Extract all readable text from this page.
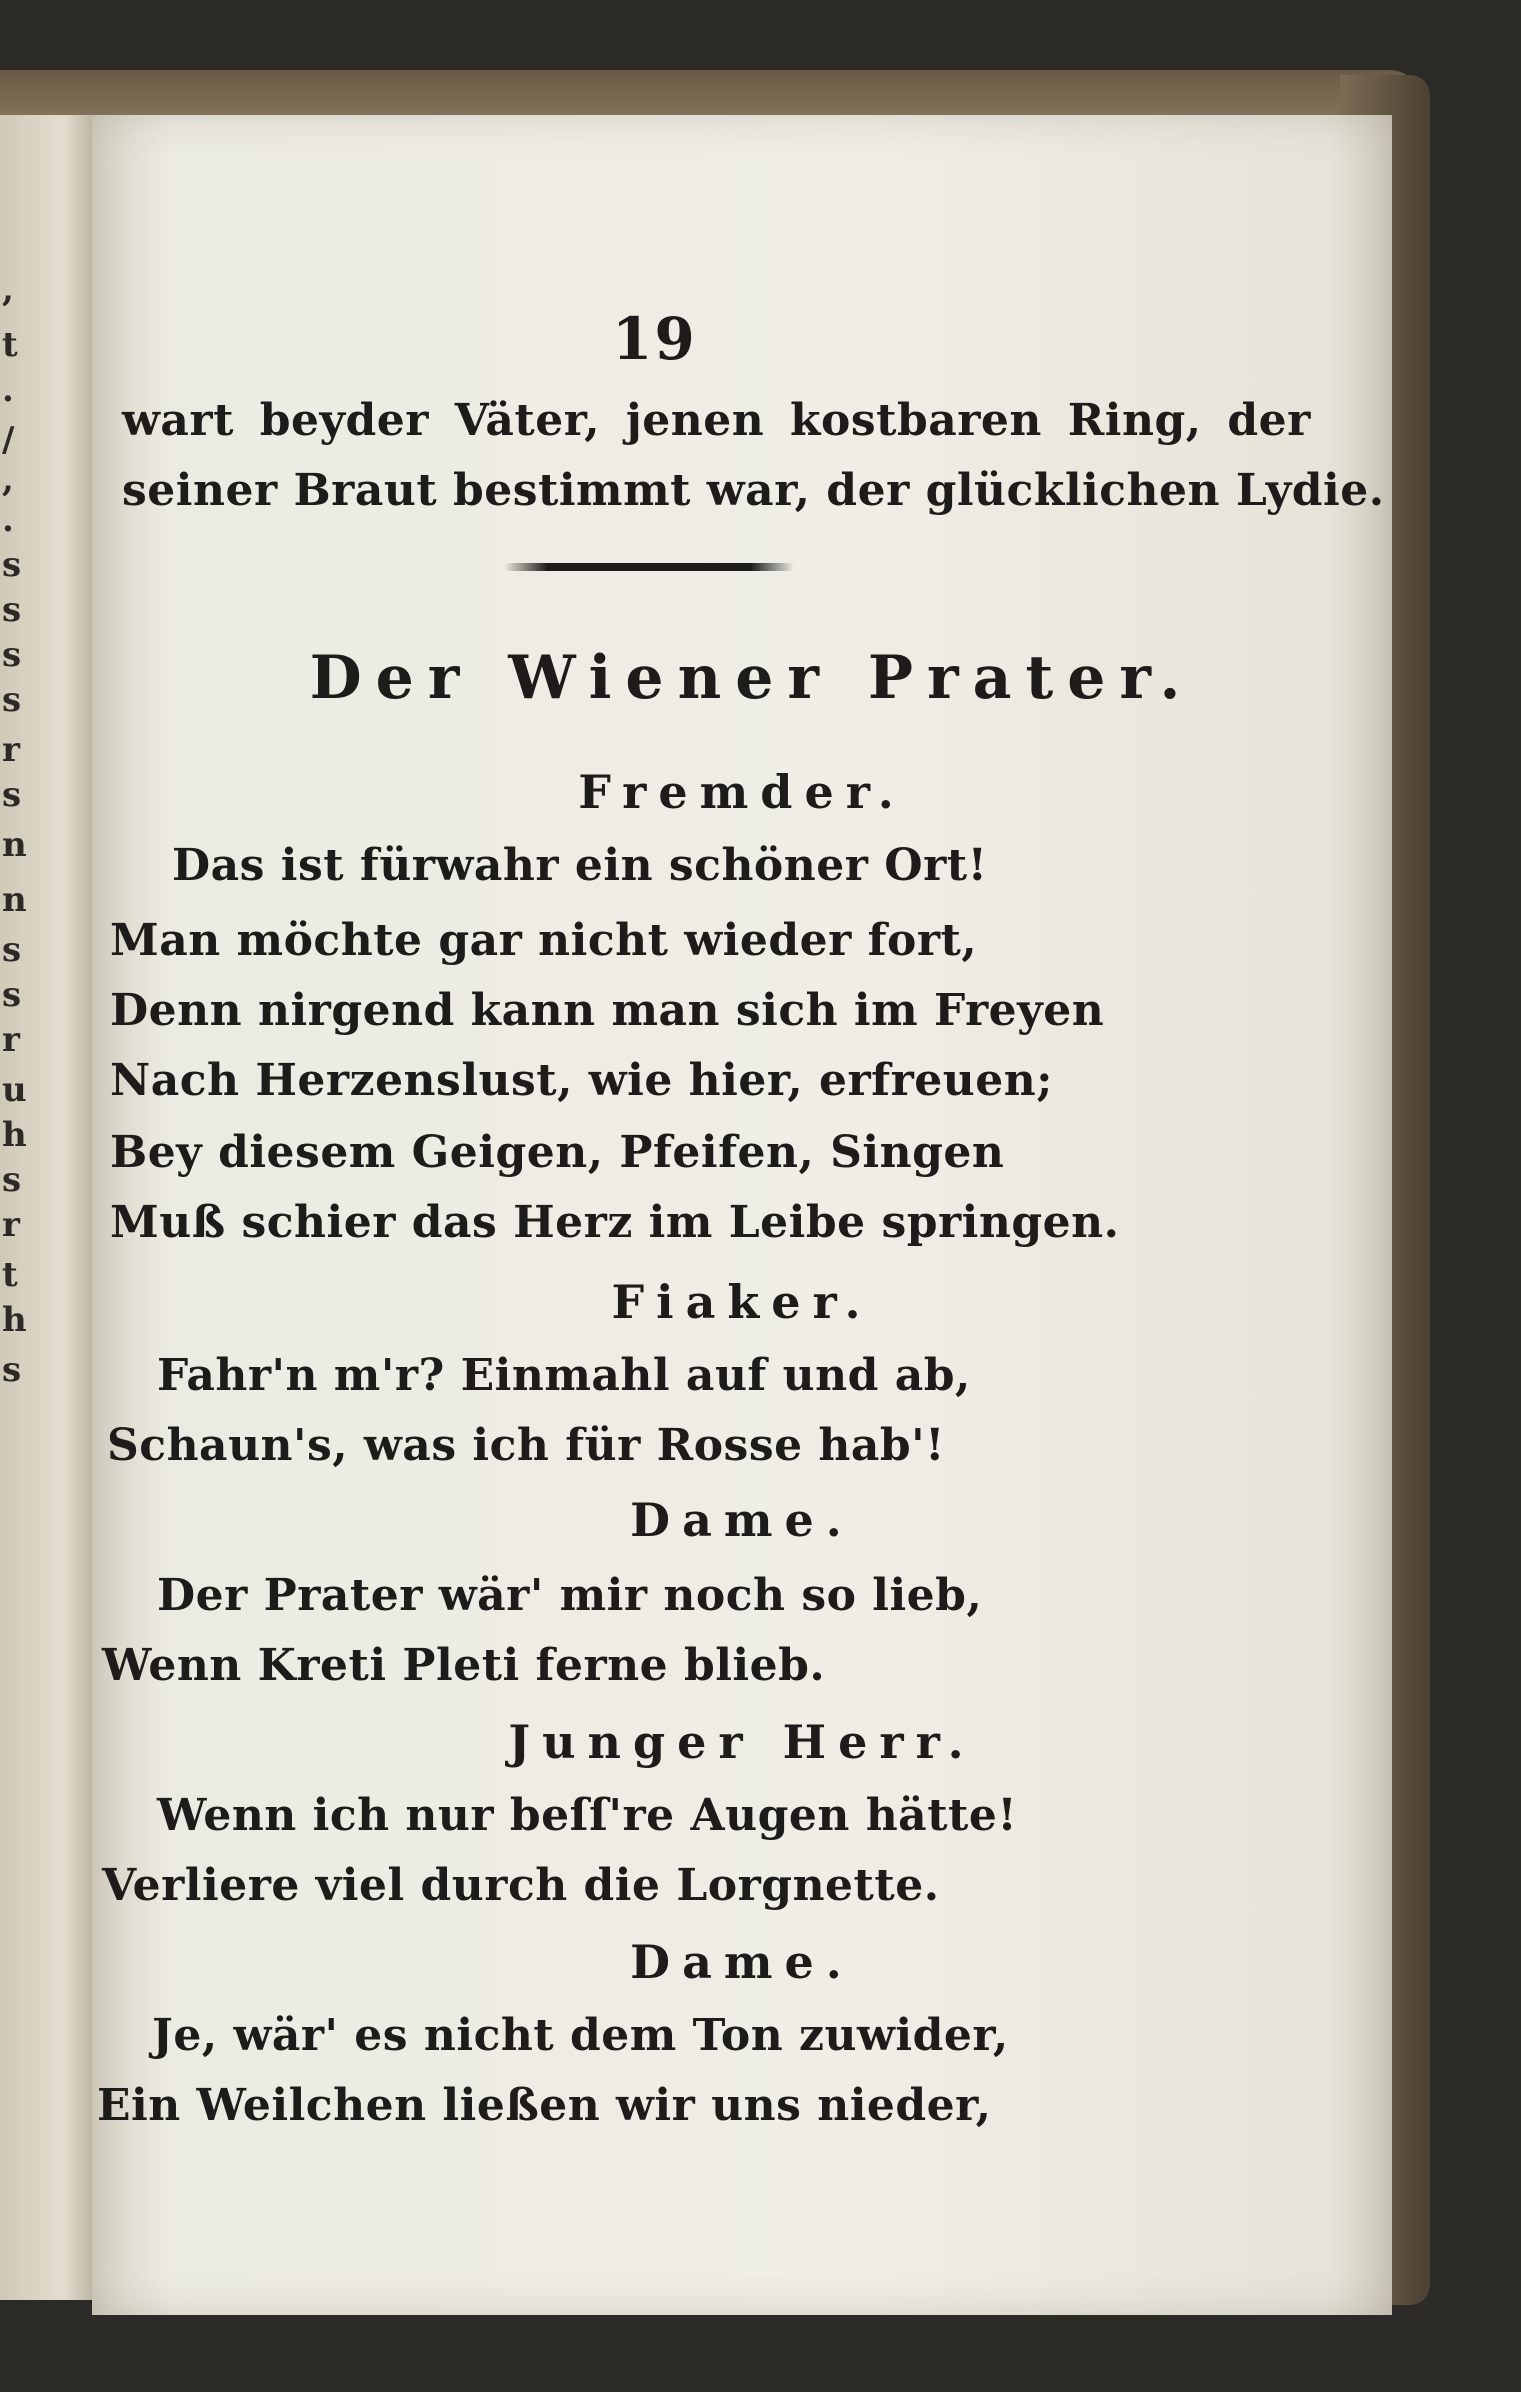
,
t
.
/
,
.
s
s
s
s
r
s
n
n
s
s
r
u
h
s
r
t
h
s
19
wart beyder Väter, jenen kostbaren Ring, der
seiner Braut bestimmt war, der glücklichen Lydie.
Der Wiener Prater.
Fremder.
Das ist fürwahr ein schöner Ort!
Man möchte gar nicht wieder fort,
Denn nirgend kann man sich im Freyen
Nach Herzenslust, wie hier, erfreuen;
Bey diesem Geigen, Pfeifen, Singen
Muß schier das Herz im Leibe springen.
Fiaker.
Fahr'n m'r? Einmahl auf und ab,
Schaun's, was ich für Rosse hab'!
Dame.
Der Prater wär' mir noch so lieb,
Wenn Kreti Pleti ferne blieb.
Junger Herr.
Wenn ich nur beſſ're Augen hätte!
Verliere viel durch die Lorgnette.
Dame.
Je, wär' es nicht dem Ton zuwider,
Ein Weilchen ließen wir uns nieder,
